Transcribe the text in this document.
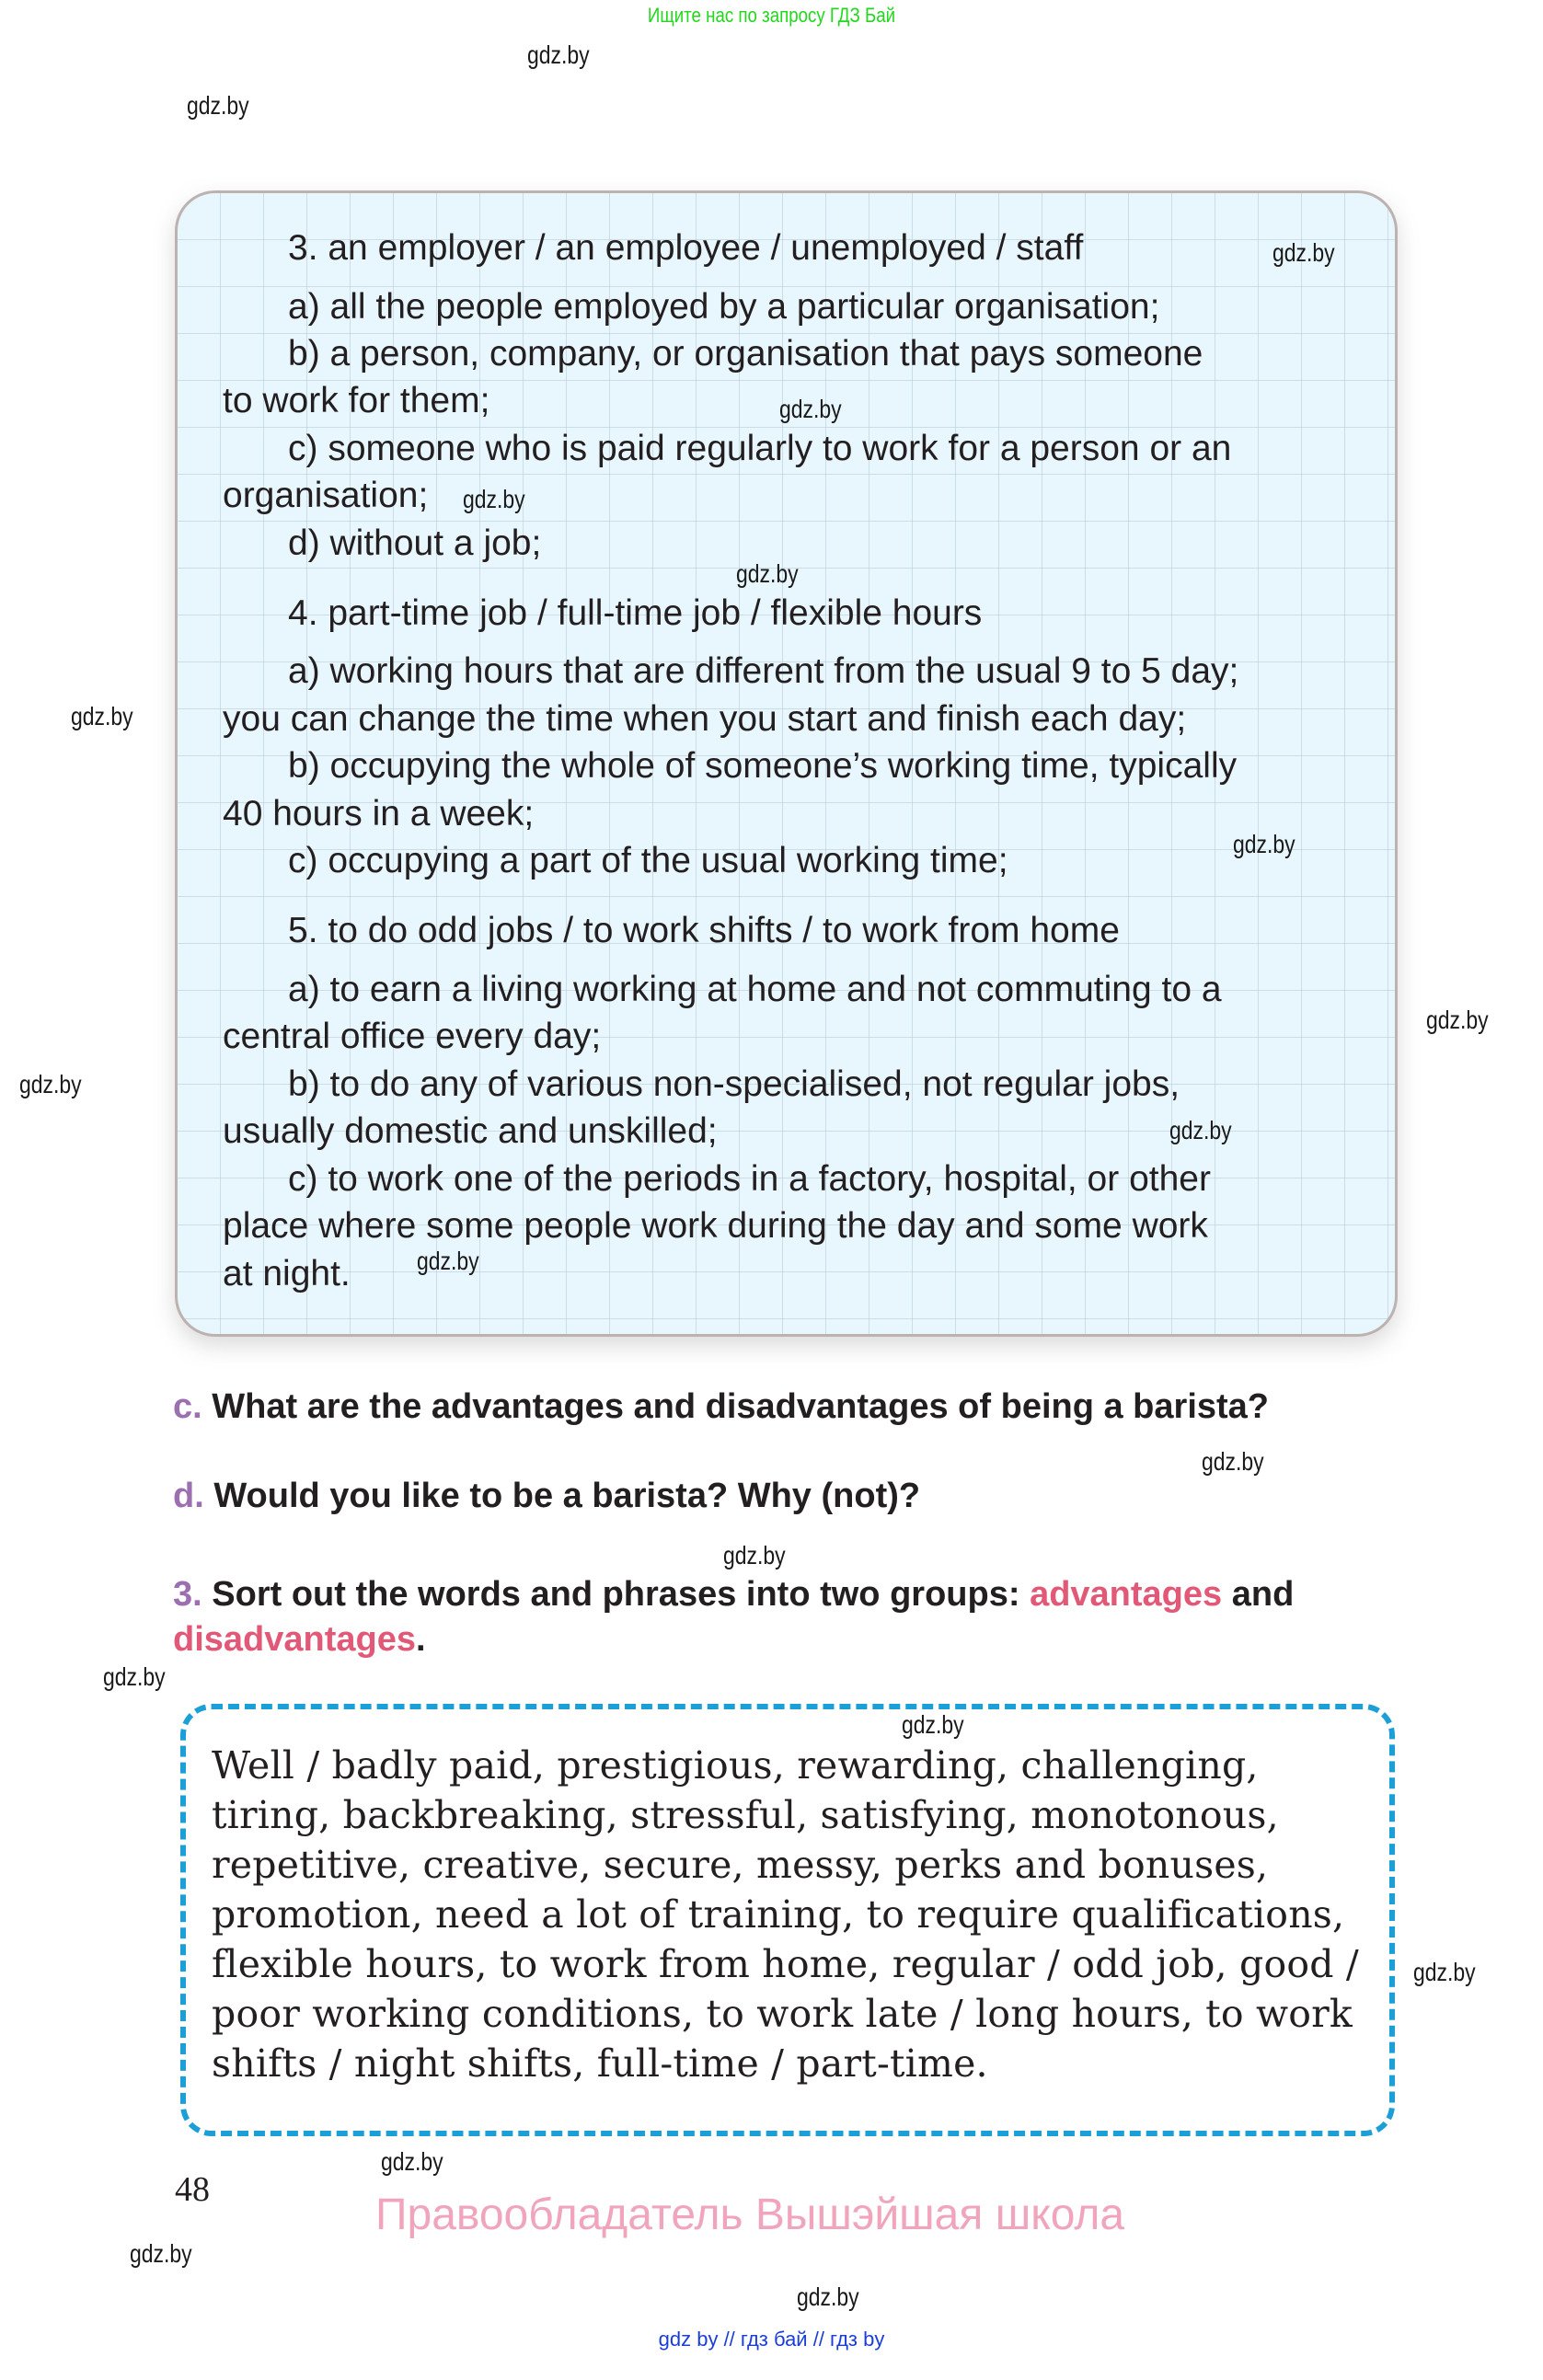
Ищите нас по запросу ГДЗ Бай
gdz.by
gdz.by
3. an employer / an employee / unemployed / staff
a) all the people employed by a particular organisation;
b) a person, company, or organisation that pays someone
to work for them;
c) someone who is paid regularly to work for a person or an
organisation;
d) without a job;
4. part-time job / full-time job / flexible hours
a) working hours that are different from the usual 9 to 5 day;
you can change the time when you start and finish each day;
b) occupying the whole of someone’s working time, typically
40 hours in a week;
c) occupying a part of the usual working time;
5. to do odd jobs / to work shifts / to work from home
a) to earn a living working at home and not commuting to a
central office every day;
b) to do any of various non-specialised, not regular jobs,
usually domestic and unskilled;
c) to work one of the periods in a factory, hospital, or other
place where some people work during the day and some work
at night.
gdz.by
gdz.by
gdz.by
gdz.by
gdz.by
gdz.by
gdz.by
gdz.by
gdz.by
gdz.by
c. What are the advantages and disadvantages of being a barista?
gdz.by
d. Would you like to be a barista? Why (not)?
gdz.by
3. Sort out the words and phrases into two groups: advantages and
disadvantages.
gdz.by
gdz.by
Well / badly paid, prestigious, rewarding, challenging,
tiring, backbreaking, stressful, satisfying, monotonous,
repetitive, creative, secure, messy, perks and bonuses,
promotion, need a lot of training, to require qualifications,
flexible hours, to work from home, regular / odd job, good /
poor working conditions, to work late / long hours, to work
shifts / night shifts, full-time / part-time.
gdz.by
gdz.by
48
Правообладатель Вышэйшая школа
gdz.by
gdz.by
gdz by // гдз бай // гдз by
